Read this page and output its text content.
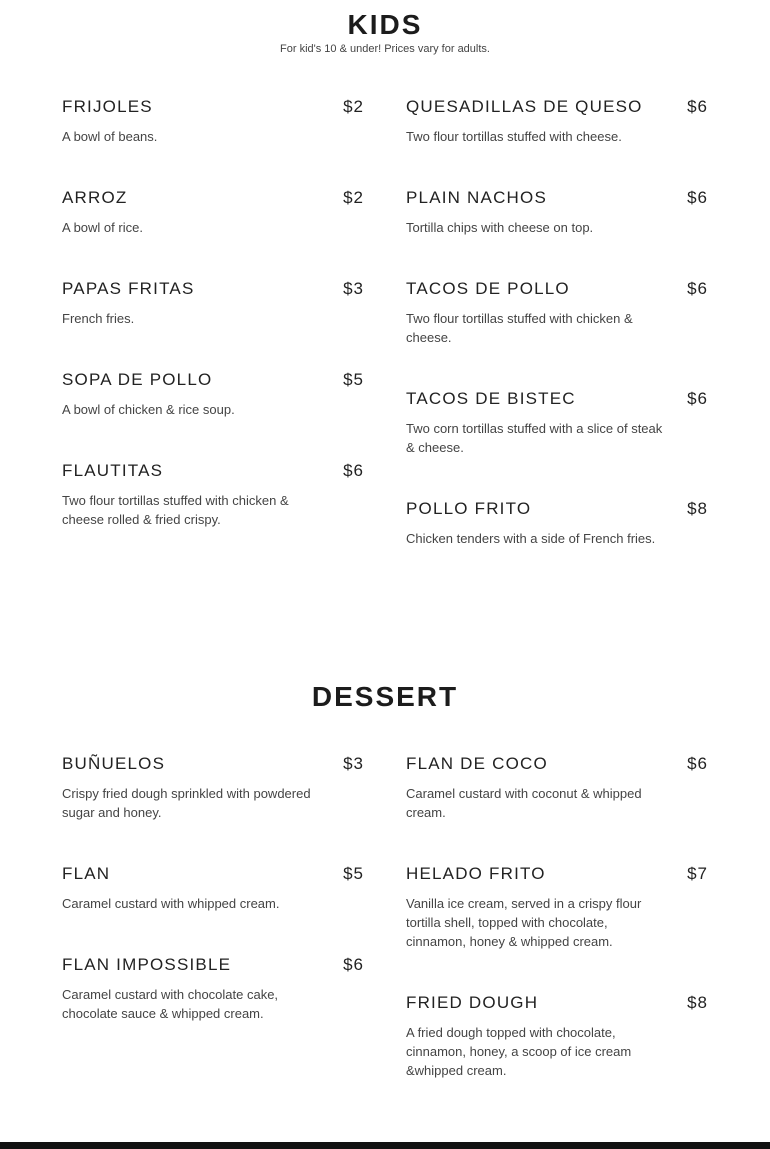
KIDS
For kid's 10 & under! Prices vary for adults.
FRIJOLES	$2
A bowl of beans.
ARROZ	$2
A bowl of rice.
PAPAS FRITAS	$3
French fries.
SOPA DE POLLO	$5
A bowl of chicken & rice soup.
FLAUTITAS	$6
Two flour tortillas stuffed with chicken & cheese rolled & fried crispy.
QUESADILLAS DE QUESO	$6
Two flour tortillas stuffed with cheese.
PLAIN NACHOS	$6
Tortilla chips with cheese on top.
TACOS DE POLLO	$6
Two flour tortillas stuffed with chicken & cheese.
TACOS DE BISTEC	$6
Two corn tortillas stuffed with a slice of steak & cheese.
POLLO FRITO	$8
Chicken tenders with a side of French fries.
DESSERT
BUÑUELOS	$3
Crispy fried dough sprinkled with powdered sugar and honey.
FLAN	$5
Caramel custard with whipped cream.
FLAN IMPOSSIBLE	$6
Caramel custard with chocolate cake, chocolate sauce & whipped cream.
FLAN DE COCO	$6
Caramel custard with coconut & whipped cream.
HELADO FRITO	$7
Vanilla ice cream, served in a crispy flour tortilla shell, topped with chocolate, cinnamon, honey & whipped cream.
FRIED DOUGH	$8
A fried dough topped with chocolate, cinnamon, honey, a scoop of ice cream &whipped cream.
